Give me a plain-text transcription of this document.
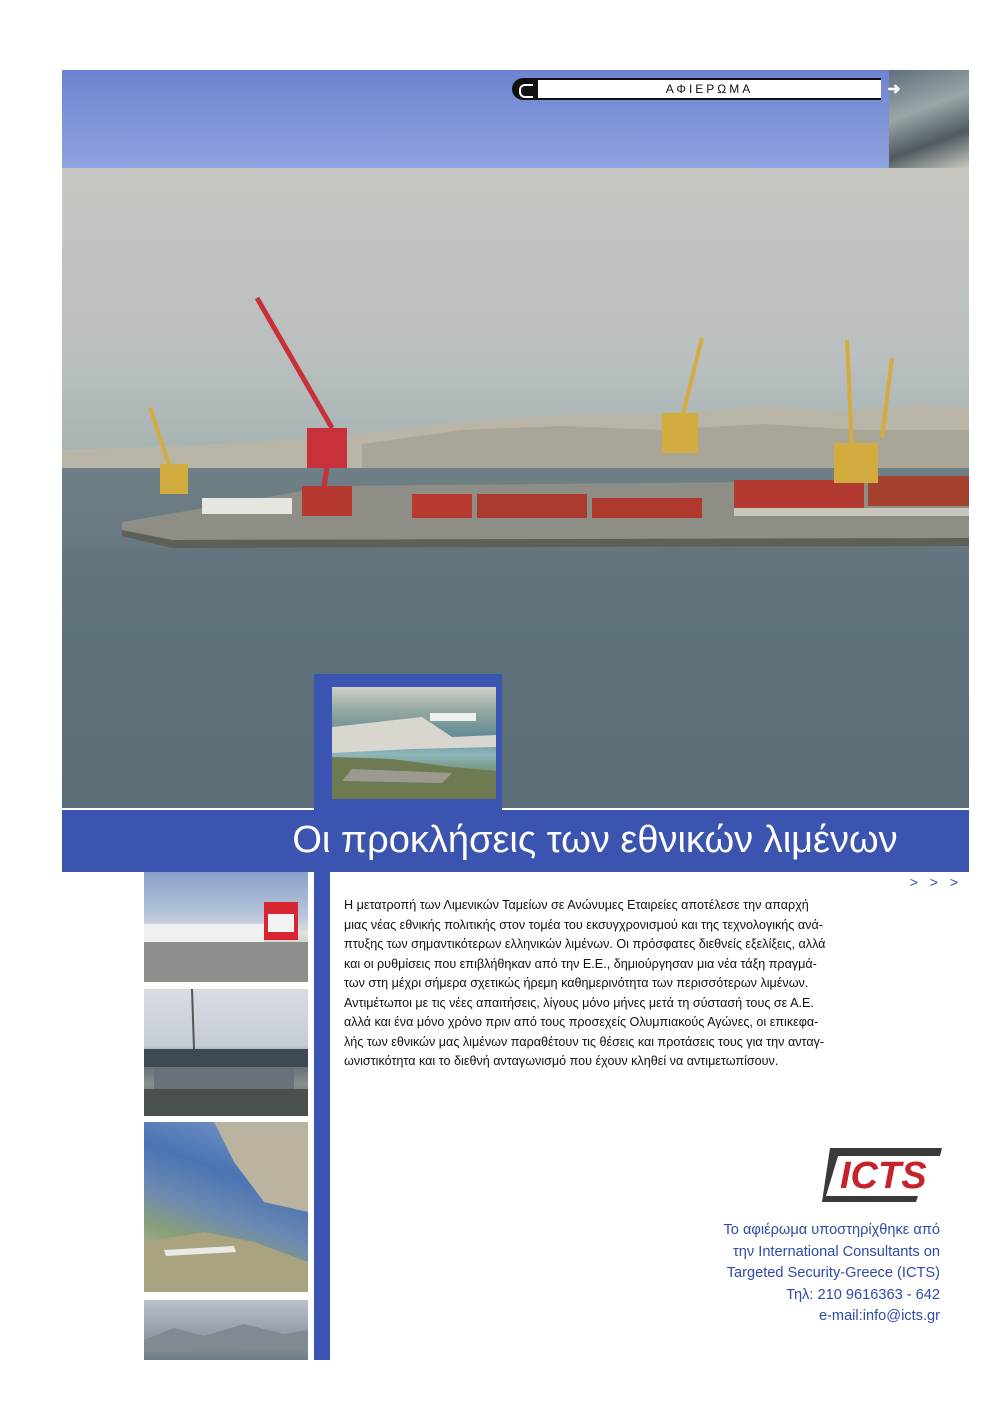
ΑΦΙΕΡΩΜΑ	➜
Οι προκλήσεις των εθνικών λιμένων
> > >

Η μετατροπή των Λιμενικών Ταμείων σε Ανώνυμες Εταιρείες αποτέλεσε την απαρχή

μιας νέας εθνικής πολιτικής στον τομέα του εκσυγχρονισμού και της τεχνολογικής ανά-

πτυξης των σημαντικότερων ελληνικών λιμένων. Οι πρόσφατες διεθνείς εξελίξεις, αλλά

και οι ρυθμίσεις που επιβλήθηκαν από την Ε.Ε., δημιούργησαν μια νέα τάξη πραγμά-

των στη μέχρι σήμερα σχετικώς ήρεμη καθημερινότητα των περισσότερων λιμένων.

Αντιμέτωποι με τις νέες απαιτήσεις, λίγους μόνο μήνες μετά τη σύστασή τους σε Α.Ε.

αλλά και ένα μόνο χρόνο πριν από τους προσεχείς Ολυμπιακούς Αγώνες, οι επικεφα-

λής των εθνικών μας λιμένων παραθέτουν τις θέσεις και προτάσεις τους για την ανταγ-

ωνιστικότητα και το διεθνή ανταγωνισμό που έχουν κληθεί να αντιμετωπίσουν.

ICTS
Το αφιέρωμα υποστηρίχθηκε από
την International Consultants on
Targeted Security-Greece (ICTS)
Τηλ: 210 9616363 - 642
e-mail:info@icts.gr
